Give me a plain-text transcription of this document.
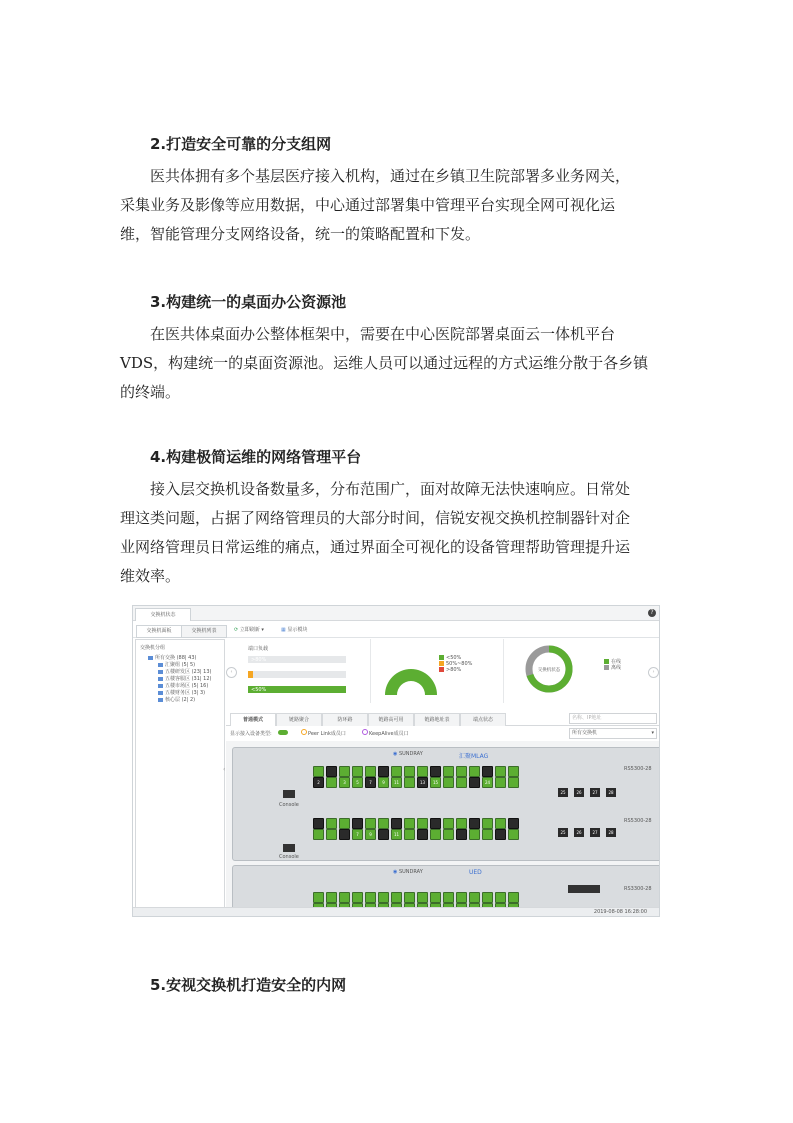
2.打造安全可靠的分支组网

医共体拥有多个基层医疗接入机构，通过在乡镇卫生院部署多业务网关，
采集业务及影像等应用数据，中心通过部署集中管理平台实现全网可视化运
维，智能管理分支网络设备，统一的策略配置和下发。

3.构建统一的桌面办公资源池

在医共体桌面办公整体框架中，需要在中心医院部署桌面云一体机平台
VDS，构建统一的桌面资源池。运维人员可以通过远程的方式运维分散于各乡镇
的终端。

4.构建极简运维的网络管理平台

接入层交换机设备数量多，分布范围广，面对故障无法快速响应。日常处
理这类问题，占据了网络管理员的大部分时间，信锐安视交换机控制器针对企
业网络管理员日常运维的痛点，通过界面全可视化的设备管理帮助管理提升运
维效率。

交换机状态	?
交换机面板	交换机列表	⟳ 立即刷新 ▾	▦ 显示模块
交换机分组
所有交换 (88| 43)
汇聚组 (5| 5)
五楼研发区 (23| 13)
五楼客服区 (31| 12)
五楼市场区 (5| 16)
五楼财务区 (3| 3)
核心层 (2| 2)
‹
‹
端口负载
>80%
<50%	供电负载
<50%
50%~80%
>80%	交换机状态
在线
离线
›
普通模式	链路聚合	防环路	链路高可用	链路地址表	端点状态	名称、IP地址
显示接入设备类型:	Peer Link成员口	KeepAlive成员口	所有交换机	▾
◉ SUNDRAY	汇聚MLAG
RS5300-28
RS5300-28
Console
Console
2	3	5	7	9	11	13	15	24
25	26	27	28
7	9	11	25	26	27	28
◉ SUNDRAY	UED
RS3300-28
2019-08-08 16:28:00
5.安视交换机打造安全的内网
